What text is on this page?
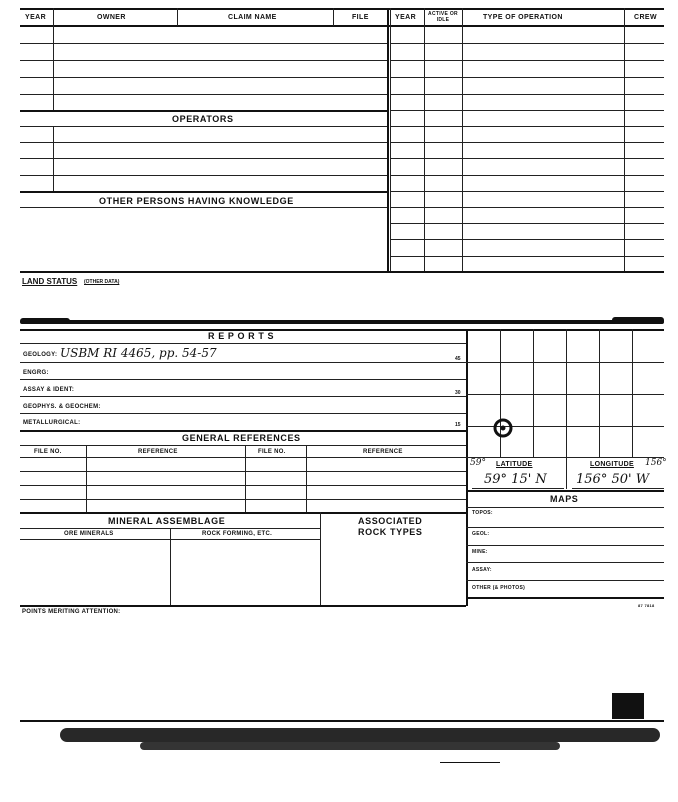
YEAR	OWNER	CLAIM NAME	FILE	YEAR	ACTIVE OR IDLE	TYPE OF OPERATION	CREW
OPERATORS
OTHER PERSONS HAVING KNOWLEDGE
LAND STATUS (OTHER DATA)
R E P O R T S
GEOLOGY: USBM RI 4465, pp. 54-57
ENGRG:
ASSAY & IDENT:
GEOPHYS. & GEOCHEM:
METALLURGICAL:
GENERAL REFERENCES
FILE NO.	REFERENCE	FILE NO.	REFERENCE
MINERAL ASSEMBLAGE
ORE MINERALS	ROCK FORMING, ETC.
ASSOCIATED
ROCK TYPES
45
30
15
59° LATITUDE	LONGITUDE 156°
59° 15' N 156° 50' W
MAPS
TOPOS:
GEOL:
MINE:
ASSAY:
OTHER (& PHOTOS)
POINTS MERITING ATTENTION:
87 7818
